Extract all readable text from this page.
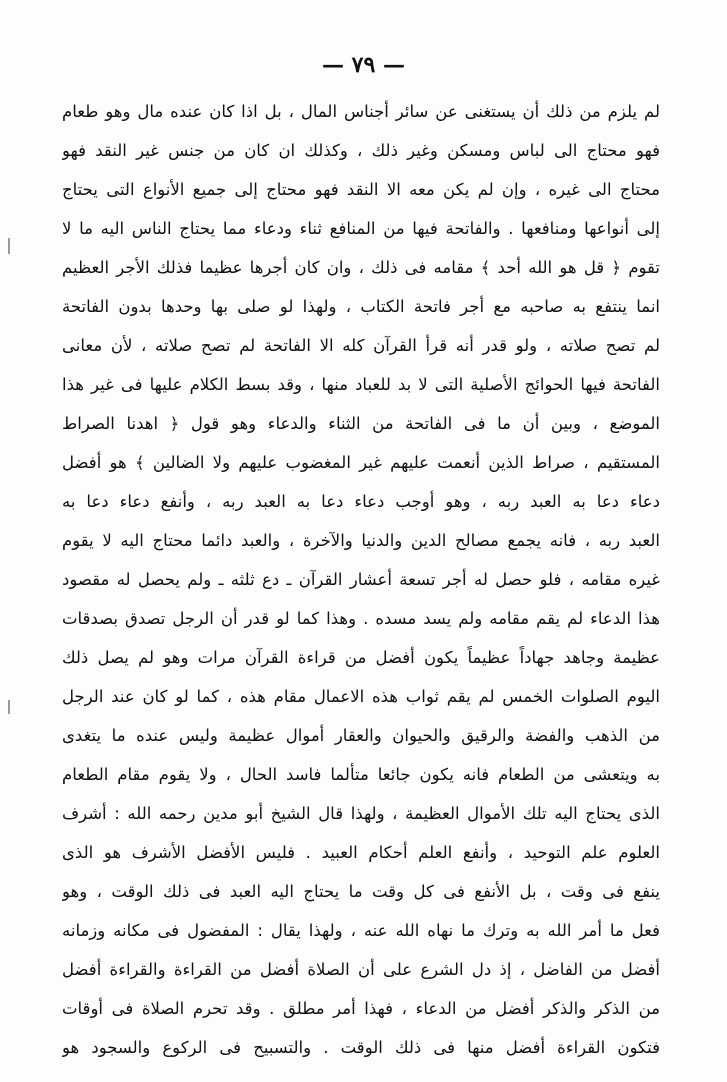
— ٧٩ —
لم يلزم من ذلك أن يستغنى عن سائر أجناس المال ، بل اذا كان عنده مال وهو طعام
فهو محتاج الى لباس ومسكن وغير ذلك ، وكذلك ان كان من جنس غير النقد فهو
محتاج الى غيره ، وإن لم يكن معه الا النقد فهو محتاج إلى جميع الأنواع التى يحتاج
إلى أنواعها ومنافعها . والفاتحة فيها من المنافع ثناء ودعاء مما يحتاج الناس اليه ما لا
تقوم ﴿ قل هو الله أحد ﴾ مقامه فى ذلك ، وان كان أجرها عظيما فذلك الأجر العظيم
انما ينتفع به صاحبه مع أجر فاتحة الكتاب ، ولهذا لو صلى بها وحدها بدون الفاتحة
لم تصح صلاته ، ولو قدر أنه قرأ القرآن كله الا الفاتحة لم تصح صلاته ، لأن معانى
الفاتحة فيها الحوائج الأصلية التى لا بد للعباد منها ، وقد بسط الكلام عليها فى غير هذا
الموضع ، وبين أن ما فى الفاتحة من الثناء والدعاء وهو قول ﴿ اهدنا الصراط
المستقيم ، صراط الذين أنعمت عليهم غير المغضوب عليهم ولا الضالين ﴾ هو أفضل
دعاء دعا به العبد ربه ، وهو أوجب دعاء دعا به العبد ربه ، وأنفع دعاء دعا به
العبد ربه ، فانه يجمع مصالح الدين والدنيا والآخرة ، والعبد دائما محتاج اليه لا يقوم
غيره مقامه ، فلو حصل له أجر تسعة أعشار القرآن ـ دع ثلثه ـ ولم يحصل له مقصود
هذا الدعاء لم يقم مقامه ولم يسد مسده . وهذا كما لو قدر أن الرجل تصدق بصدقات
عظيمة وجاهد جهاداً عظيماً يكون أفضل من قراءة القرآن مرات وهو لم يصل ذلك
اليوم الصلوات الخمس لم يقم ثواب هذه الاعمال مقام هذه ، كما لو كان عند الرجل
من الذهب والفضة والرقيق والحيوان والعقار أموال عظيمة وليس عنده ما يتغدى
به ويتعشى من الطعام فانه يكون جائعا متألما فاسد الحال ، ولا يقوم مقام الطعام
الذى يحتاج اليه تلك الأموال العظيمة ، ولهذا قال الشيخ أبو مدين رحمه الله : أشرف
العلوم علم التوحيد ، وأنفع العلم أحكام العبيد . فليس الأفضل الأشرف هو الذى
ينفع فى وقت ، بل الأنفع فى كل وقت ما يحتاج اليه العبد فى ذلك الوقت ، وهو
فعل ما أمر الله به وترك ما نهاه الله عنه ، ولهذا يقال : المفضول فى مكانه وزمانه
أفضل من الفاضل ، إذ دل الشرع على أن الصلاة أفضل من القراءة والقراءة أفضل
من الذكر والذكر أفضل من الدعاء ، فهذا أمر مطلق . وقد تحرم الصلاة فى أوقات
فتكون القراءة أفضل منها فى ذلك الوقت . والتسبيح فى الركوع والسجود هو
